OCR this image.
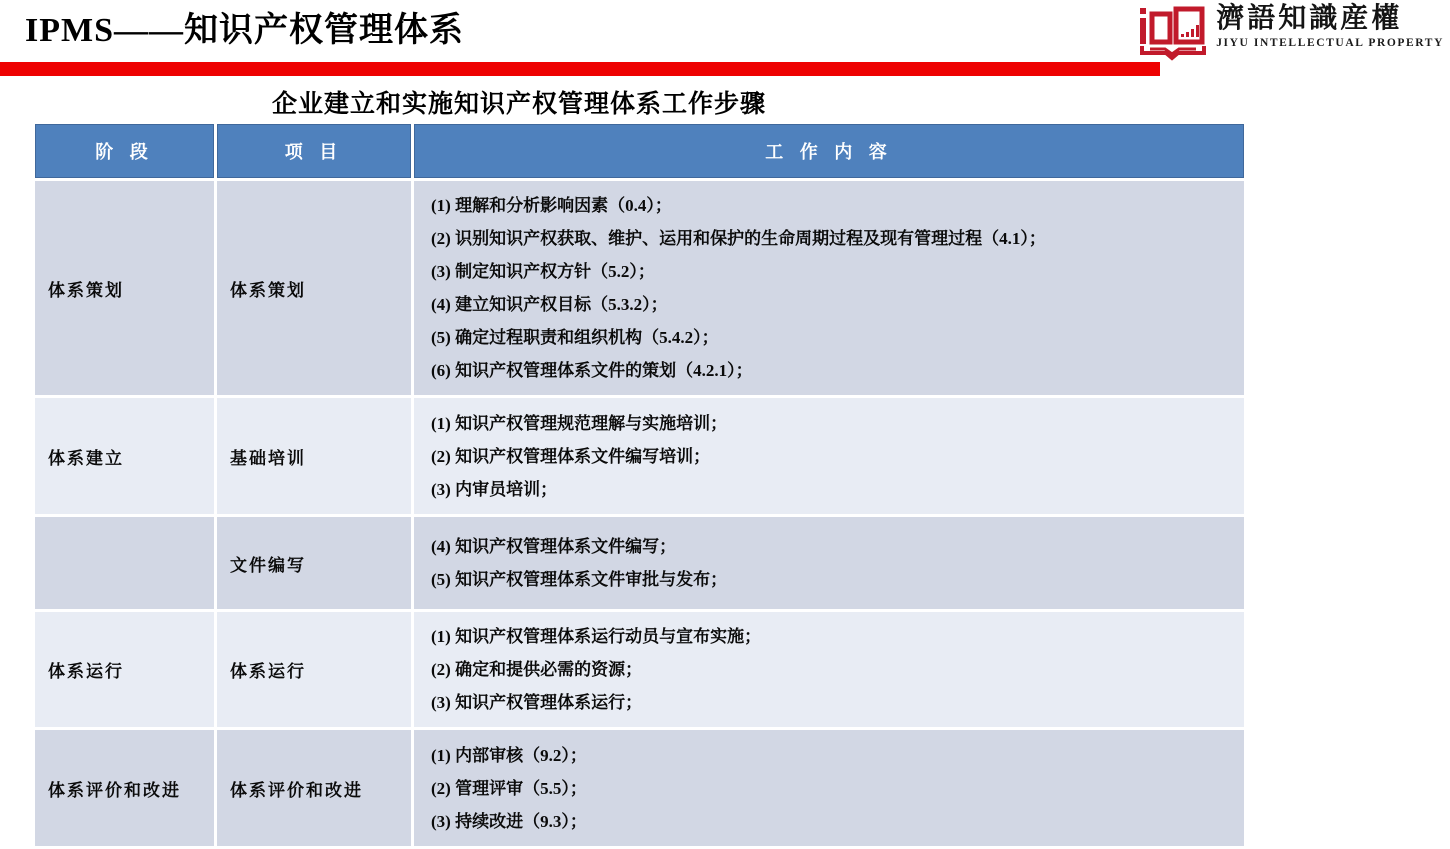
IPMS——知识产权管理体系	濟語知識産權
JIYU INTELLECTUAL PROPERTY
企业建立和实施知识产权管理体系工作步骤
阶 段	项 目	工 作 内 容
体系策划	体系策划	
(1) 理解和分析影响因素（0.4）；
(2) 识别知识产权获取、维护、运用和保护的生命周期过程及现有管理过程（4.1）；
(3) 制定知识产权方针（5.2）；
(4) 建立知识产权目标（5.3.2）；
(5) 确定过程职责和组织机构（5.4.2）；
(6) 知识产权管理体系文件的策划（4.2.1）；

体系建立	基础培训	(1) 知识产权管理规范理解与实施培训；
(2) 知识产权管理体系文件编写培训；
(3) 内审员培训；

	文件编写	(4) 知识产权管理体系文件编写；
(5) 知识产权管理体系文件审批与发布；

体系运行	体系运行	(1) 知识产权管理体系运行动员与宣布实施；
(2) 确定和提供必需的资源；
(3) 知识产权管理体系运行；

体系评价和改进	体系评价和改进	(1) 内部审核（9.2）；
(2) 管理评审（5.5）；
(3) 持续改进（9.3）；
